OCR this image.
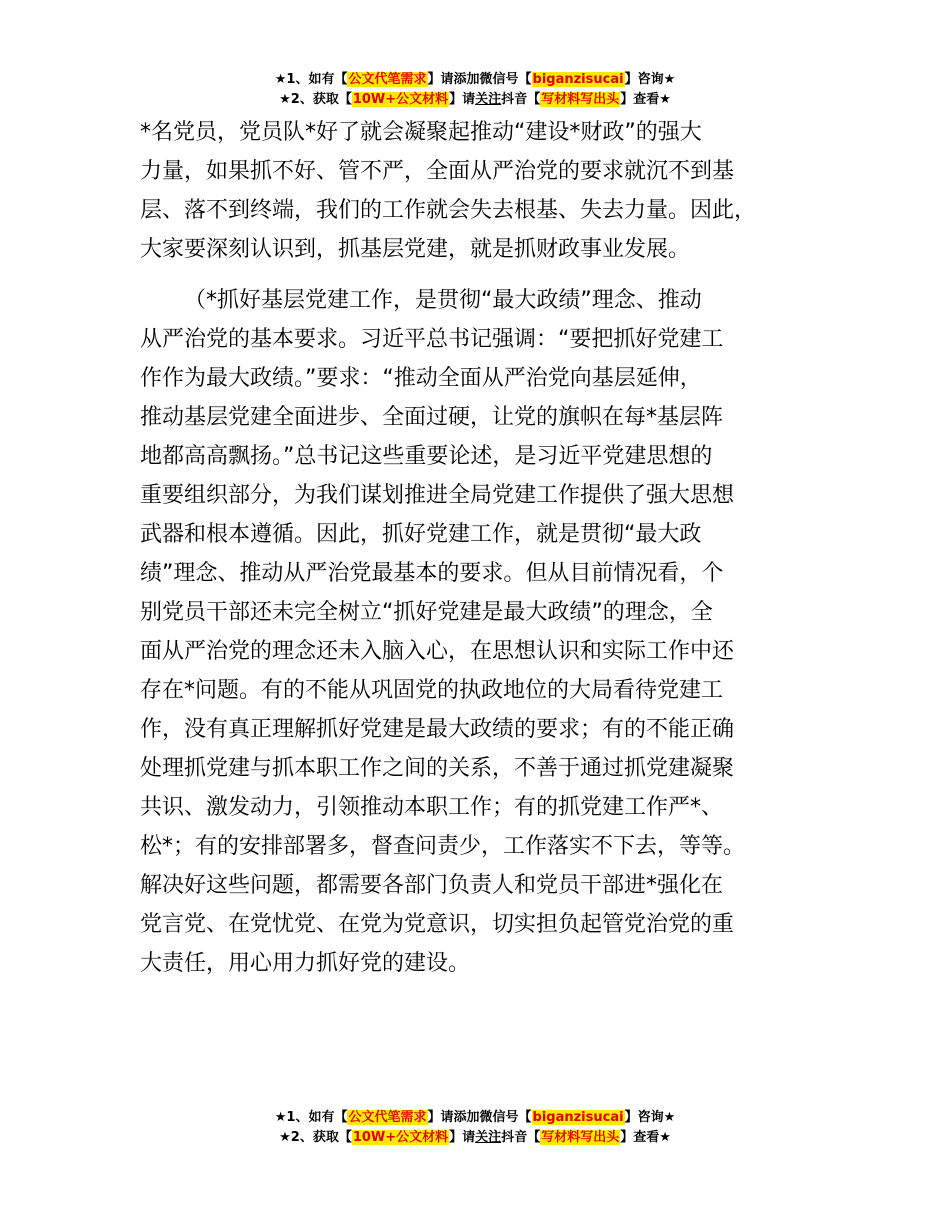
★1、如有【公文代笔需求】请添加微信号【biganzisucai】咨询★
★2、获取【10W+公文材料】请关注抖音【写材料写出头】查看★

*名党员，党员队*好了就会凝聚起推动“建设*财政”的强大
力量，如果抓不好、管不严，全面从严治党的要求就沉不到基
层、落不到终端，我们的工作就会失去根基、失去力量。因此，
大家要深刻认识到，抓基层党建，就是抓财政事业发展。

（*抓好基层党建工作，是贯彻“最大政绩”理念、推动
从严治党的基本要求。习近平总书记强调：“要把抓好党建工
作作为最大政绩。”要求：“推动全面从严治党向基层延伸，
推动基层党建全面进步、全面过硬，让党的旗帜在每*基层阵
地都高高飘扬。”总书记这些重要论述，是习近平党建思想的
重要组织部分，为我们谋划推进全局党建工作提供了强大思想
武器和根本遵循。因此，抓好党建工作，就是贯彻“最大政
绩”理念、推动从严治党最基本的要求。但从目前情况看，个
别党员干部还未完全树立“抓好党建是最大政绩”的理念，全
面从严治党的理念还未入脑入心，在思想认识和实际工作中还
存在*问题。有的不能从巩固党的执政地位的大局看待党建工
作，没有真正理解抓好党建是最大政绩的要求；有的不能正确
处理抓党建与抓本职工作之间的关系，不善于通过抓党建凝聚
共识、激发动力，引领推动本职工作；有的抓党建工作严*、
松*；有的安排部署多，督查问责少，工作落实不下去，等等。
解决好这些问题，都需要各部门负责人和党员干部进*强化在
党言党、在党忧党、在党为党意识，切实担负起管党治党的重
大责任，用心用力抓好党的建设。

★1、如有【公文代笔需求】请添加微信号【biganzisucai】咨询★
★2、获取【10W+公文材料】请关注抖音【写材料写出头】查看★
